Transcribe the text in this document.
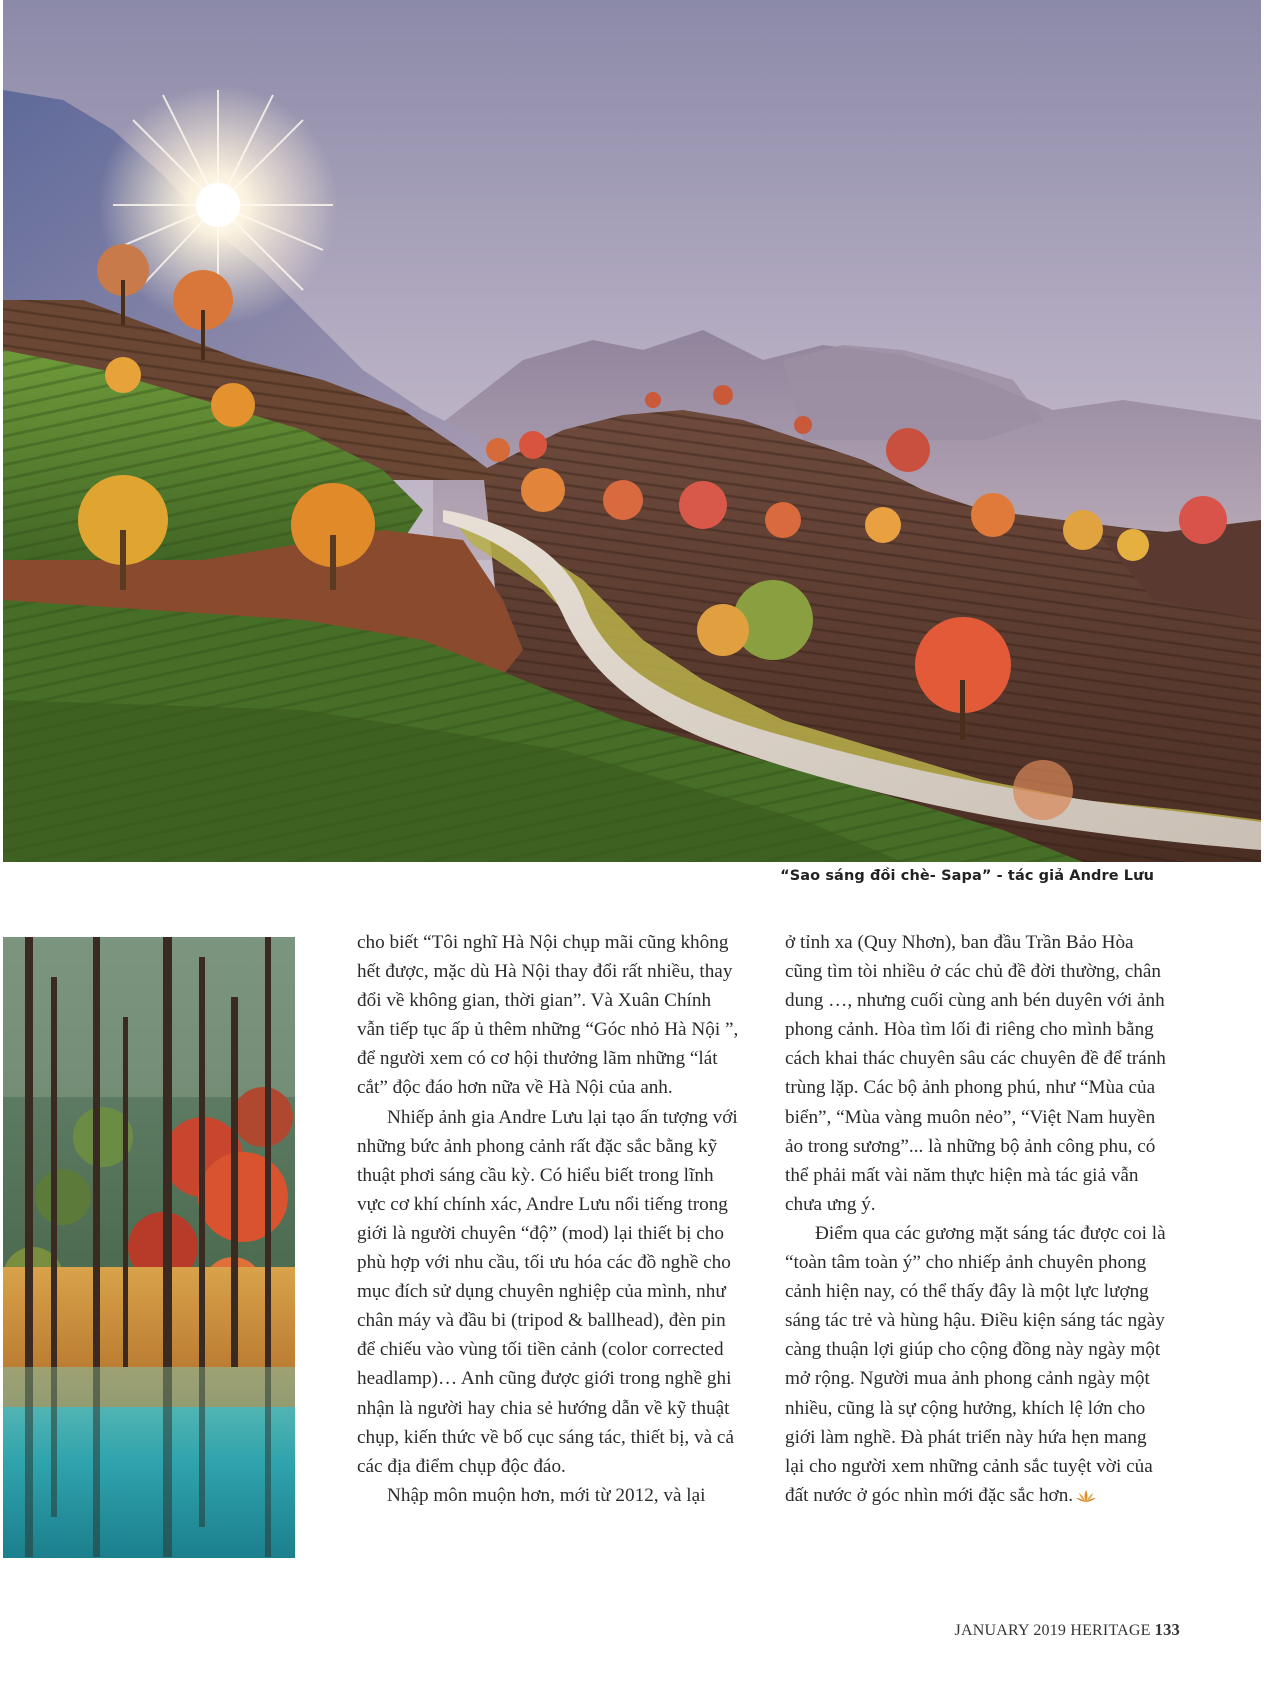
“Sao sáng đồi chè- Sapa” - tác giả Andre Lưu

cho biết “Tôi nghĩ Hà Nội chụp mãi cũng không hết được, mặc dù Hà Nội thay đổi rất nhiều, thay đổi về không gian, thời gian”. Và Xuân Chính vẫn tiếp tục ấp ủ thêm những “Góc nhỏ Hà Nội ”, để người xem có cơ hội thưởng lãm những “lát cắt” độc đáo hơn nữa về Hà Nội của anh.

Nhiếp ảnh gia Andre Lưu lại tạo ấn tượng với những bức ảnh phong cảnh rất đặc sắc bằng kỹ thuật phơi sáng cầu kỳ. Có hiểu biết trong lĩnh vực cơ khí chính xác, Andre Lưu nổi tiếng trong giới là người chuyên “độ” (mod) lại thiết bị cho phù hợp với nhu cầu, tối ưu hóa các đồ nghề cho mục đích sử dụng chuyên nghiệp của mình, như chân máy và đầu bi (tripod & ballhead), đèn pin để chiếu vào vùng tối tiền cảnh (color corrected headlamp)… Anh cũng được giới trong nghề ghi nhận là người hay chia sẻ hướng dẫn về kỹ thuật chụp, kiến thức về bố cục sáng tác, thiết bị, và cả các địa điểm chụp độc đáo.

Nhập môn muộn hơn, mới từ 2012, và lại

ở tỉnh xa (Quy Nhơn), ban đầu Trần Bảo Hòa cũng tìm tòi nhiều ở các chủ đề đời thường, chân dung …, nhưng cuối cùng anh bén duyên với ảnh phong cảnh. Hòa tìm lối đi riêng cho mình bằng cách khai thác chuyên sâu các chuyên đề để tránh trùng lặp. Các bộ ảnh phong phú, như “Mùa của biển”, “Mùa vàng muôn nẻo”, “Việt Nam huyền ảo trong sương”... là những bộ ảnh công phu, có thể phải mất vài năm thực hiện mà tác giả vẫn chưa ưng ý.

Điểm qua các gương mặt sáng tác được coi là “toàn tâm toàn ý” cho nhiếp ảnh chuyên phong cảnh hiện nay, có thể thấy đây là một lực lượng sáng tác trẻ và hùng hậu. Điều kiện sáng tác ngày càng thuận lợi giúp cho cộng đồng này ngày một mở rộng. Người mua ảnh phong cảnh ngày một nhiều, cũng là sự cộng hưởng, khích lệ lớn cho giới làm nghề. Đà phát triển này hứa hẹn mang lại cho người xem những cảnh sắc tuyệt vời của đất nước ở góc nhìn mới đặc sắc hơn.

JANUARY 2019 HERITAGE 133
